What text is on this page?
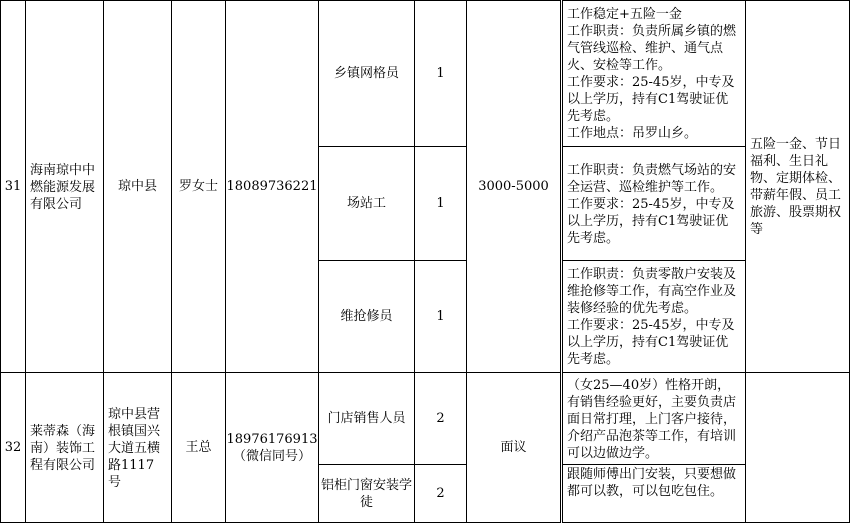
31	海南琼中中燃能源发展有限公司	琼中县	罗女士	18089736221	乡镇网格员	1	3000-5000	工作稳定+五险一金
工作职责：负责所属乡镇的燃气管线巡检、维护、通气点火、安检等工作。
工作要求：25-45岁，中专及以上学历，持有C1驾驶证优先考虑。
工作地点：吊罗山乡。	五险一金、节日福利、生日礼物、定期体检、带薪年假、员工旅游、股票期权等
					场站工	1		工作职责：负责燃气场站的安全运营、巡检维护等工作。
工作要求：25-45岁，中专及以上学历，持有C1驾驶证优先考虑。	
					维抢修员	1		工作职责：负责零散户安装及维抢修等工作，有高空作业及装修经验的优先考虑。
工作要求：25-45岁，中专及以上学历，持有C1驾驶证优先考虑。	
32	莱蒂森（海南）装饰工程有限公司	琼中县营根镇国兴大道五横路1117号	王总	18976176913
（微信同号）	门店销售人员	2	面议	（女25—40岁）性格开朗，有销售经验更好，主要负责店面日常打理，上门客户接待，介绍产品泡茶等工作，有培训可以边做边学。	
					铝柜门窗安装学徒	2		跟随师傅出门安装，只要想做都可以教，可以包吃包住。	
